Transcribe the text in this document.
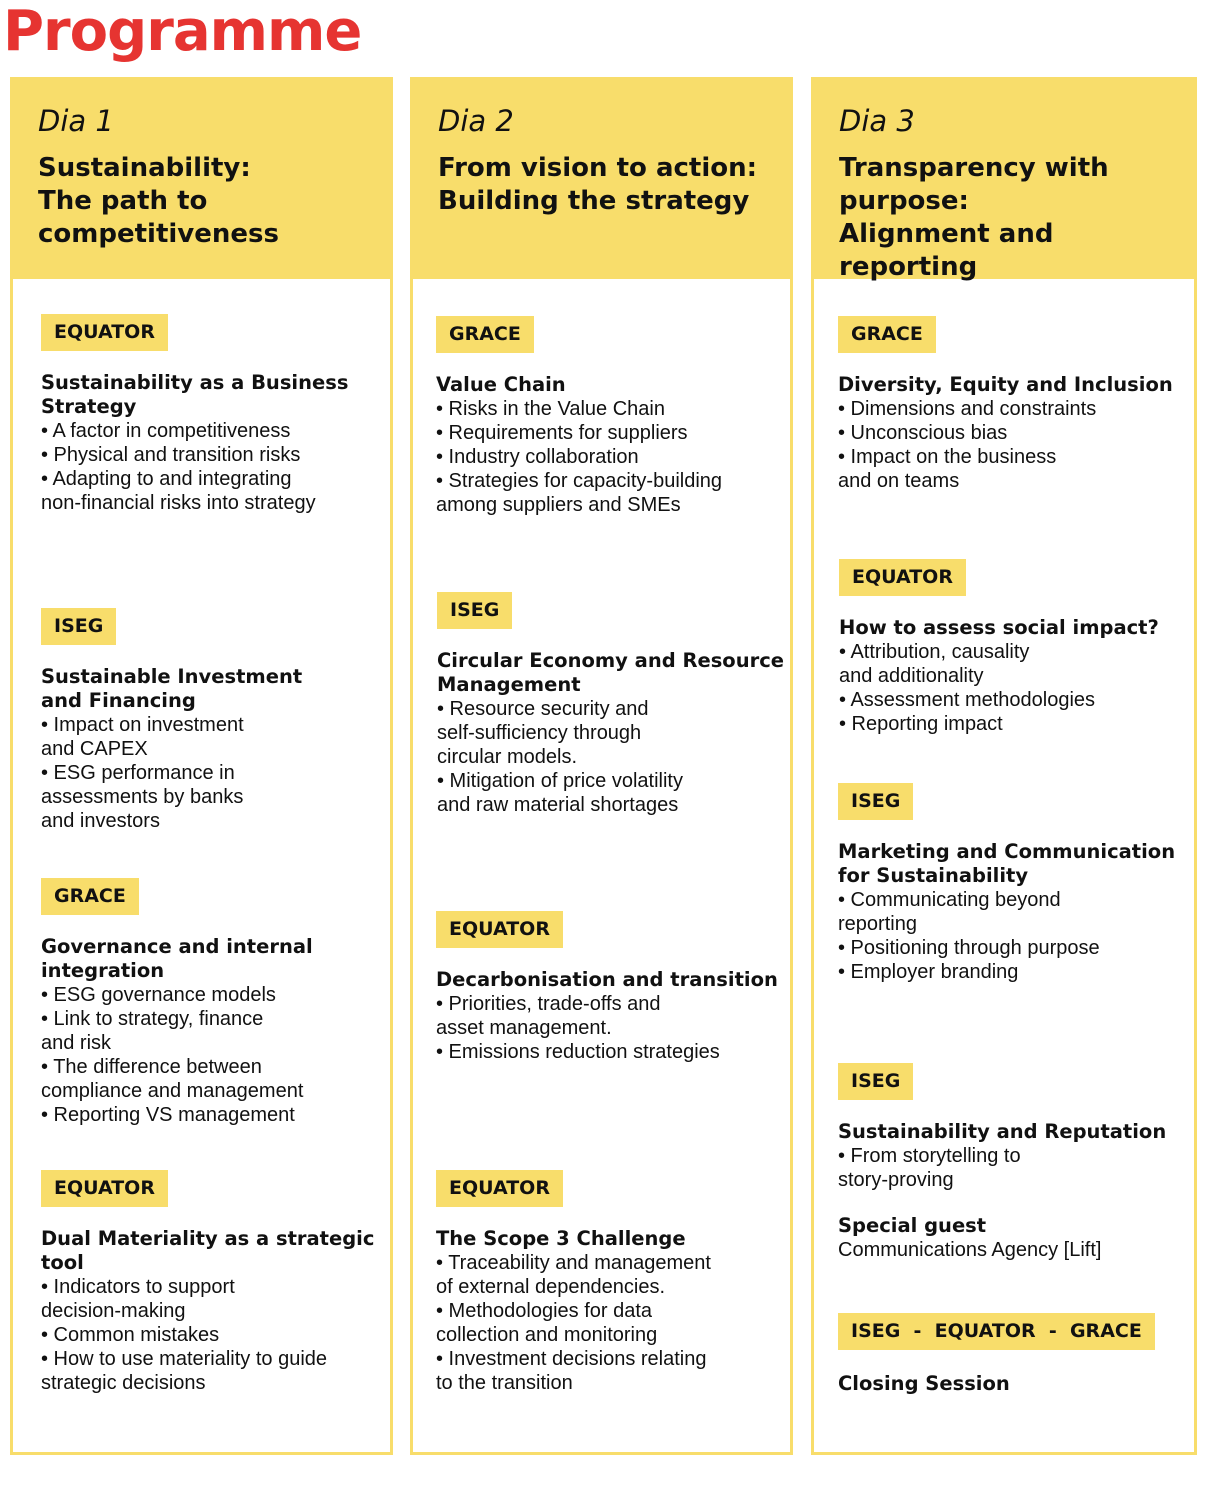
Programme
Dia 1
Sustainability:
The path to
competitiveness
EQUATOR
Sustainability as a Business
Strategy
• A factor in competitiveness
• Physical and transition risks
• Adapting to and integrating
non-financial risks into strategy
ISEG
Sustainable Investment
and Financing
• Impact on investment
and CAPEX
• ESG performance in
assessments by banks
and investors
GRACE
Governance and internal
integration
• ESG governance models
• Link to strategy, finance
and risk
• The difference between
compliance and management
• Reporting VS management
EQUATOR
Dual Materiality as a strategic tool
• Indicators to support
decision-making
• Common mistakes
• How to use materiality to guide
strategic decisions
Dia 2
From vision to action:
Building the strategy
GRACE
Value Chain
• Risks in the Value Chain
• Requirements for suppliers
• Industry collaboration
• Strategies for capacity-building
among suppliers and SMEs
ISEG
Circular Economy and Resource
Management
• Resource security and
self-sufficiency through
circular models.
• Mitigation of price volatility
and raw material shortages
EQUATOR
Decarbonisation and transition
• Priorities, trade-offs and
asset management.
• Emissions reduction strategies
EQUATOR
The Scope 3 Challenge
• Traceability and management
of external dependencies.
• Methodologies for data
collection and monitoring
• Investment decisions relating
to the transition
Dia 3
Transparency with
purpose:
Alignment and reporting
GRACE
Diversity, Equity and Inclusion
• Dimensions and constraints
• Unconscious bias
• Impact on the business
and on teams
EQUATOR
How to assess social impact?
• Attribution, causality
and additionality
• Assessment methodologies
• Reporting impact
ISEG
Marketing and Communication
for Sustainability
• Communicating beyond
reporting
• Positioning through purpose
• Employer branding
ISEG
Sustainability and Reputation
• From storytelling to
story-proving
Special guest
Communications Agency [Lift]
ISEG  -  EQUATOR  -  GRACE
Closing Session
